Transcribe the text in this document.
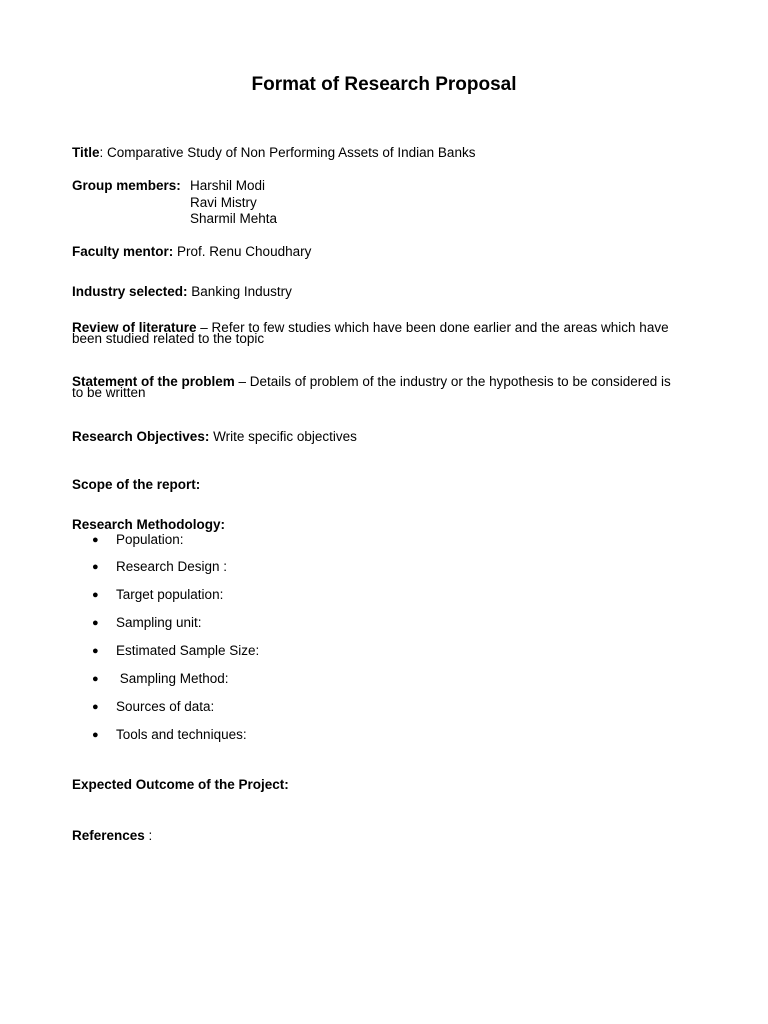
Format of Research Proposal
Title: Comparative Study of Non Performing Assets of Indian Banks
Group members: Harshil Modi
Ravi Mistry
Sharmil Mehta
Faculty mentor: Prof. Renu Choudhary
Industry selected: Banking Industry
Review of literature – Refer to few studies which have been done earlier and the areas which have
been studied related to the topic
Statement of the problem – Details of problem of the industry or the hypothesis to be considered is
to be written
Research Objectives: Write specific objectives
Scope of the report:
Research Methodology:
● Population:
● Research Design :
● Target population:
● Sampling unit:
● Estimated Sample Size:
● Sampling Method:
● Sources of data:
● Tools and techniques:
Expected Outcome of the Project:
References :
